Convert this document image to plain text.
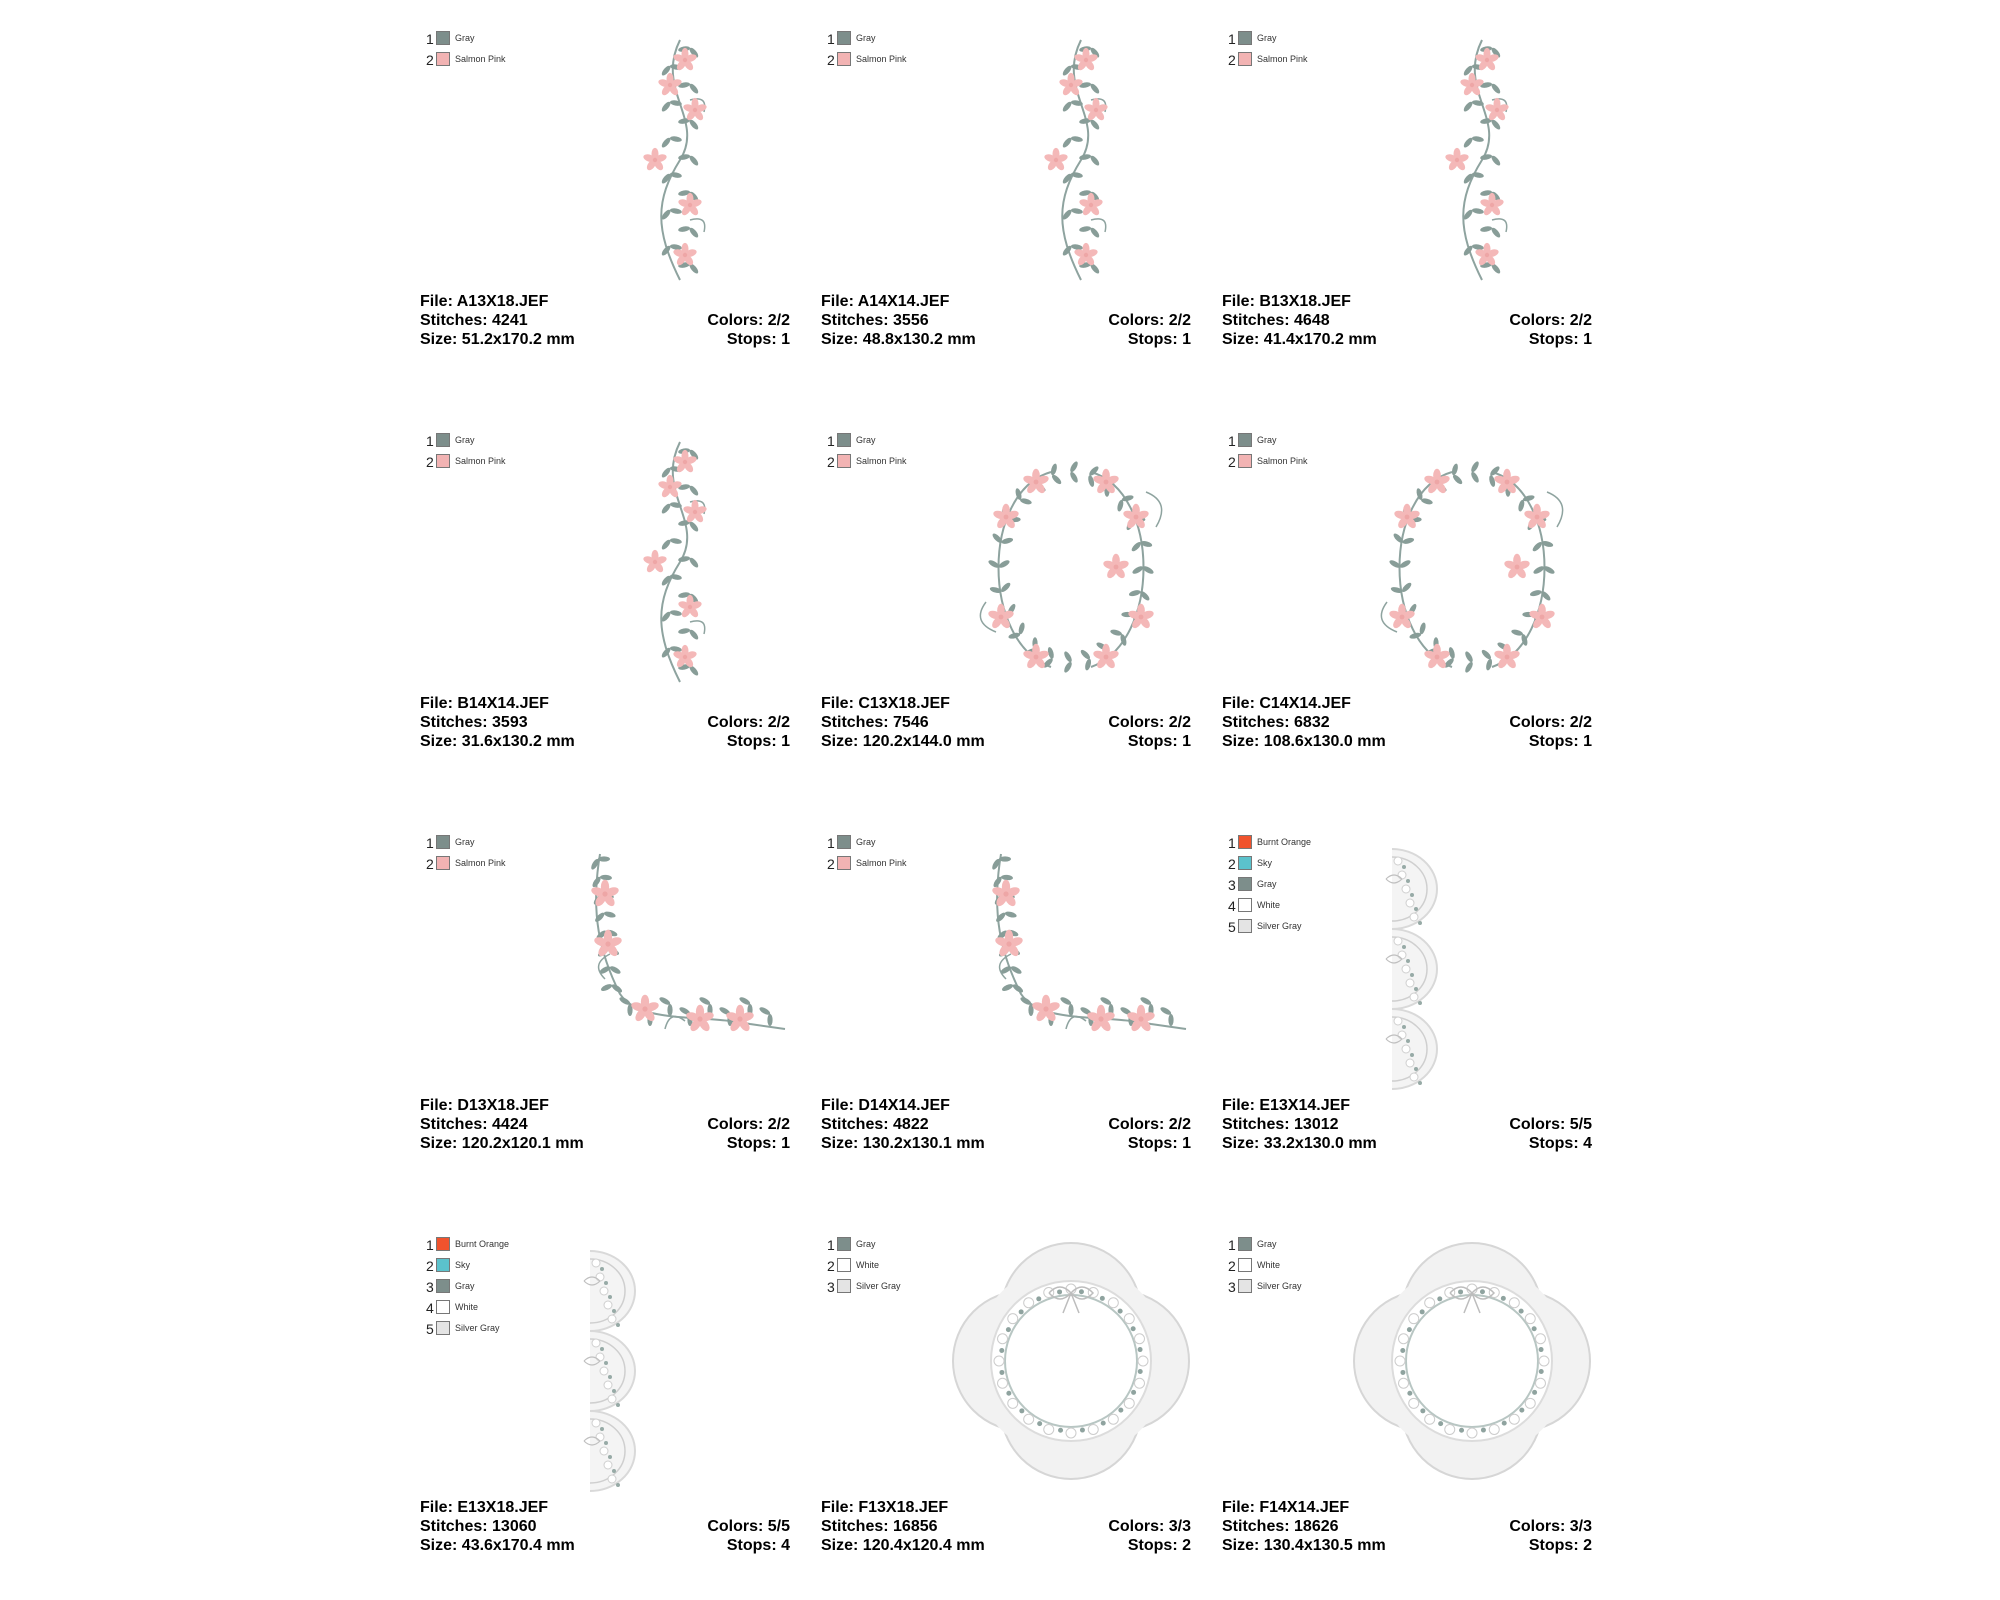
1 Gray
2 Salmon Pink
File: A13X18.JEF
Stitches: 4241
Size: 51.2x170.2 mm
Colors: 2/2
Stops: 1
1 Gray
2 Salmon Pink
File: A14X14.JEF
Stitches: 3556
Size: 48.8x130.2 mm
Colors: 2/2
Stops: 1
1 Gray
2 Salmon Pink
File: B13X18.JEF
Stitches: 4648
Size: 41.4x170.2 mm
Colors: 2/2
Stops: 1
1 Gray
2 Salmon Pink
File: B14X14.JEF
Stitches: 3593
Size: 31.6x130.2 mm
Colors: 2/2
Stops: 1
1 Gray
2 Salmon Pink
File: C13X18.JEF
Stitches: 7546
Size: 120.2x144.0 mm
Colors: 2/2
Stops: 1
1 Gray
2 Salmon Pink
File: C14X14.JEF
Stitches: 6832
Size: 108.6x130.0 mm
Colors: 2/2
Stops: 1
1 Gray
2 Salmon Pink
File: D13X18.JEF
Stitches: 4424
Size: 120.2x120.1 mm
Colors: 2/2
Stops: 1
1 Gray
2 Salmon Pink
File: D14X14.JEF
Stitches: 4822
Size: 130.2x130.1 mm
Colors: 2/2
Stops: 1
1 Burnt Orange
2 Sky
3 Gray
4 White
5 Silver Gray
File: E13X14.JEF
Stitches: 13012
Size: 33.2x130.0 mm
Colors: 5/5
Stops: 4
1 Burnt Orange
2 Sky
3 Gray
4 White
5 Silver Gray
File: E13X18.JEF
Stitches: 13060
Size: 43.6x170.4 mm
Colors: 5/5
Stops: 4
1 Gray
2 White
3 Silver Gray
File: F13X18.JEF
Stitches: 16856
Size: 120.4x120.4 mm
Colors: 3/3
Stops: 2
1 Gray
2 White
3 Silver Gray
File: F14X14.JEF
Stitches: 18626
Size: 130.4x130.5 mm
Colors: 3/3
Stops: 2
